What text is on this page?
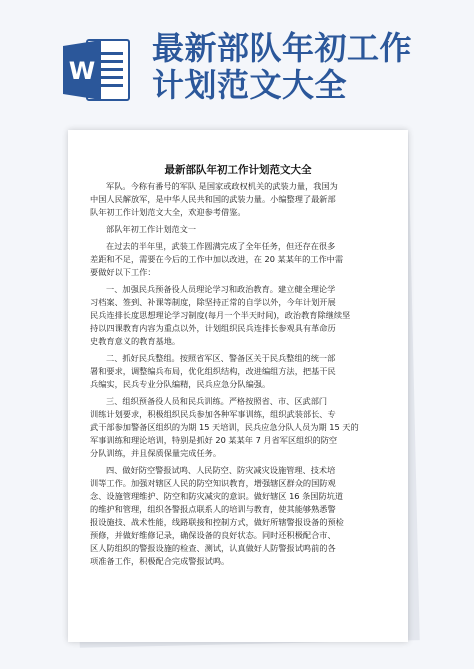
W
最新部队年初工作
计划范文大全
最新部队年初工作计划范文大全

军队。今称有番号的军队 是国家或政权机关的武装力量，我国为

中国人民解放军，是中华人民共和国的武装力量。小编整理了最新部

队年初工作计划范文大全，欢迎参考借鉴。

部队年初工作计划范文一

在过去的半年里，武装工作圆满完成了全年任务，但还存在很多

差距和不足，需要在今后的工作中加以改进，在 20 某某年的工作中需

要做好以下工作：

一、加强民兵预备役人员理论学习和政治教育。建立健全理论学

习档案、签到、补课等制度，除坚持正常的自学以外，今年计划开展

民兵连排长度思想理论学习制度(每月一个半天时间)，政治教育除继续坚

持以四课教育内容为重点以外，计划组织民兵连排长参观具有革命历

史教育意义的教育基地。

二、抓好民兵整组。按照省军区、警备区关于民兵整组的统一部

署和要求，调整编兵布局，优化组织结构，改进编组方法，把基干民

兵编实，民兵专业分队编精，民兵应急分队编强。

三、组织预备役人员和民兵训练。严格按照省、市、区武部门

训练计划要求，积极组织民兵参加各种军事训练，组织武装部长、专

武干部参加警备区组织的为期 15 天培训，民兵应急分队人员为期 15 天的

军事训练和理论培训，特别是抓好 20 某某年 7 月省军区组织的防空

分队训练，并且保质保量完成任务。

四、做好防空警报试鸣、人民防空、防灾减灾设施管理、技术培

训等工作。加强对辖区人民的防空知识教育，增强辖区群众的国防观

念、设施管理维护、防空和防灾减灾的意识。做好辖区 16 条国防坑道

的维护和管理，组织各警报点联系人的培训与教育，使其能够熟悉警

报设施技、战术性能，线路联接和控制方式，做好所辖警报设备的预检

预修，并做好维修记录，确保设备的良好状态。同时还积极配合市、

区人防组织的警报设施的检查、测试，认真做好人防警报试鸣前的各

项准备工作，积极配合完成警报试鸣。
